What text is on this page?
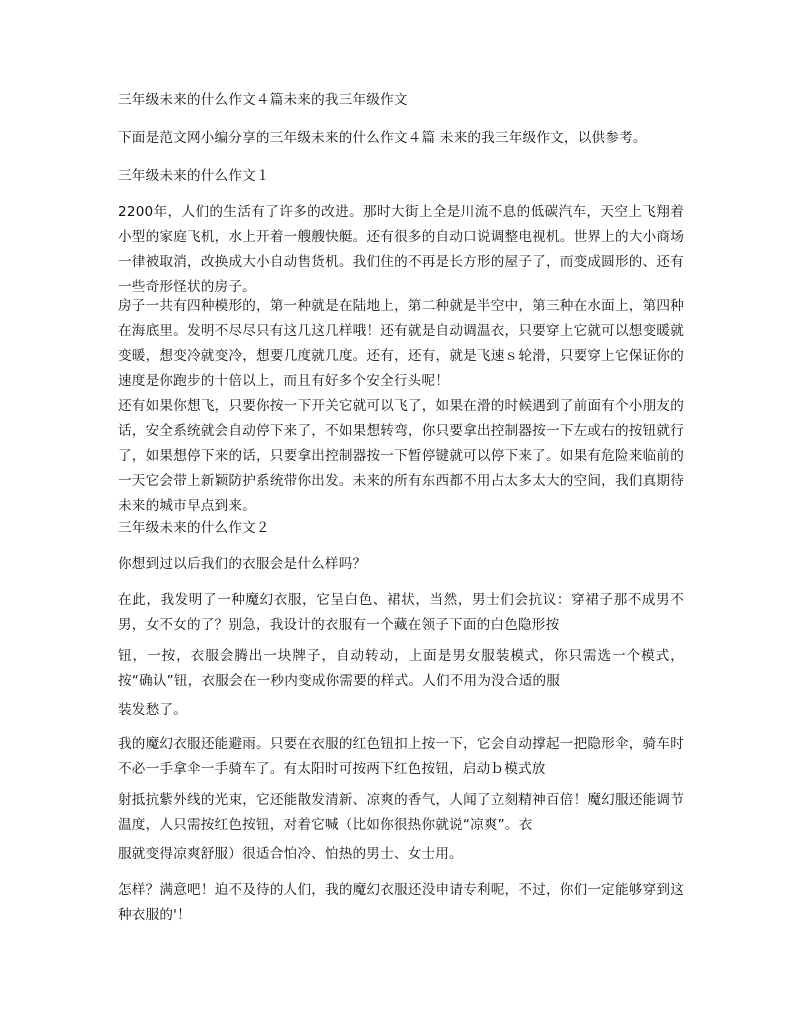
三年级未来的什么作文４篇未来的我三年级作文

下面是范文网小编分享的三年级未来的什么作文４篇 未来的我三年级作文，以供参考。

三年级未来的什么作文１

2200年，人们的生活有了许多的改进。那时大街上全是川流不息的低碳汽车，天空上飞翔着小型的家庭飞机，水上开着一艘艘快艇。还有很多的自动口说调整电视机。世界上的大小商场一律被取消，改换成大小自动售货机。我们住的不再是长方形的屋子了，而变成圆形的、还有一些奇形怪状的房子。

房子一共有四种模形的，第一种就是在陆地上，第二种就是半空中，第三种在水面上，第四种在海底里。发明不尽尽只有这几这几样哦！还有就是自动调温衣，只要穿上它就可以想变暖就变暖，想变冷就变冷，想要几度就几度。还有，还有，就是飞速ｓ轮滑，只要穿上它保证你的速度是你跑步的十倍以上，而且有好多个安全行头呢！

还有如果你想飞，只要你按一下开关它就可以飞了，如果在滑的时候遇到了前面有个小朋友的话，安全系统就会自动停下来了，不如果想转弯，你只要拿出控制器按一下左或右的按钮就行了，如果想停下来的话，只要拿出控制器按一下暂停键就可以停下来了。如果有危险来临前的一天它会带上新颖防护系统带你出发。未来的所有东西都不用占太多太大的空间，我们真期待未来的城市早点到来。

三年级未来的什么作文２

你想到过以后我们的衣服会是什么样吗？

在此，我发明了一种魔幻衣服，它呈白色、裙状，当然，男士们会抗议：穿裙子那不成男不男，女不女的了？别急，我设计的衣服有一个藏在领子下面的白色隐形按

钮，一按，衣服会腾出一块牌子，自动转动，上面是男女服装模式，你只需选一个模式，按“确认”钮，衣服会在一秒内变成你需要的样式。人们不用为没合适的服

装发愁了。

我的魔幻衣服还能避雨。只要在衣服的红色钮扣上按一下，它会自动撑起一把隐形伞，骑车时不必一手拿伞一手骑车了。有太阳时可按两下红色按钮，启动ｂ模式放

射抵抗紫外线的光束，它还能散发清新、凉爽的香气，人闻了立刻精神百倍！魔幻服还能调节温度，人只需按红色按钮，对着它喊（比如你很热你就说“凉爽”。衣

服就变得凉爽舒服）很适合怕冷、怕热的男士、女士用。

怎样？满意吧！迫不及待的人们，我的魔幻衣服还没申请专利呢，不过，你们一定能够穿到这种衣服的'！
